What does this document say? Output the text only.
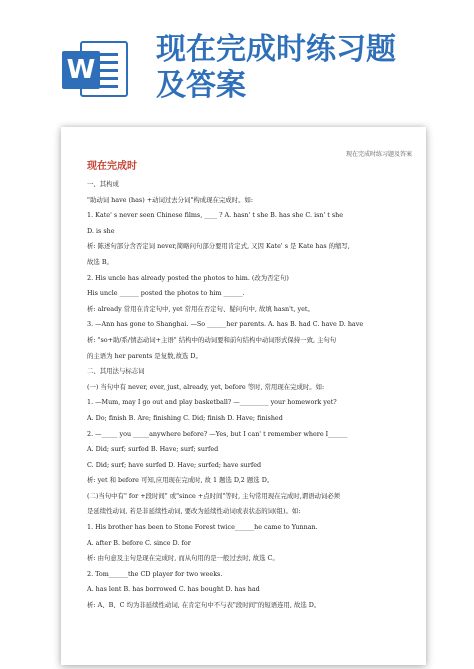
W
现在完成时练习题
及答案
现在完成时练习题及答案
现在完成时

一、其构成

"助动词 have (has) +动词过去分词"构成现在完成时。如:

1. Kate' s never seen Chinese films, ____ ? A. hasn' t she B. has she C. isn' t she

D. is she

析: 陈述句部分含否定词 never,简略问句部分要用肯定式, 又因 Kate' s 是 Kate has 的缩写,

故选 B。

2. His uncle has already posted the photos to him. (改为否定句)

His uncle ______ posted the photos to him ______.

析: already 常用在肯定句中, yet 常用在否定句、疑问句中, 故填 hasn't, yet。

3. —Ann has gone to Shanghai. —So ______her parents. A. has B. had C. have D. have

析: "so+助/系/情态动词+主语" 结构中的动词要和前句结构中动词形式保持一致, 主句句

的主语为 her parents 是复数,故选 D。

二、其用法与标志词

(一) 当句中有 never, ever, just, already, yet, before 等时, 常用现在完成时。如:

1. —Mum, may I go out and play basketball? —_________ your homework yet?

A. Do; finish B. Are; finishing C. Did; finish D. Have; finished

2. —_____ you _____anywhere before? —Yes, but I can' t remember where I______

A. Did; surf; surfed B. Have; surf; surfed

C. Did; surf; have surfed D. Have; surfed; have surfed

析: yet 和 before 可知,应用现在完成时, 故 1 题选 D,2 题选 D。

(二)当句中有" for +段时间" 或"since +点时间"等时, 主句常用现在完成时,谓语动词必须

是延续性动词, 若是非延续性动词, 要改为延续性动词或表状态的词(组)。如:

1. His brother has been to Stone Forest twice______he came to Yunnan.

A. after B. before C. since D. for

析: 由句意及主句是现在完成时, 而从句用的是一般过去时, 故选 C。

2. Tom______the CD player for two weeks.

A. has lent B. has borrowed C. has bought D. has had

析: A、B、C 均为非延续性动词, 在肯定句中不与表"段时间"的短语连用, 故选 D。
